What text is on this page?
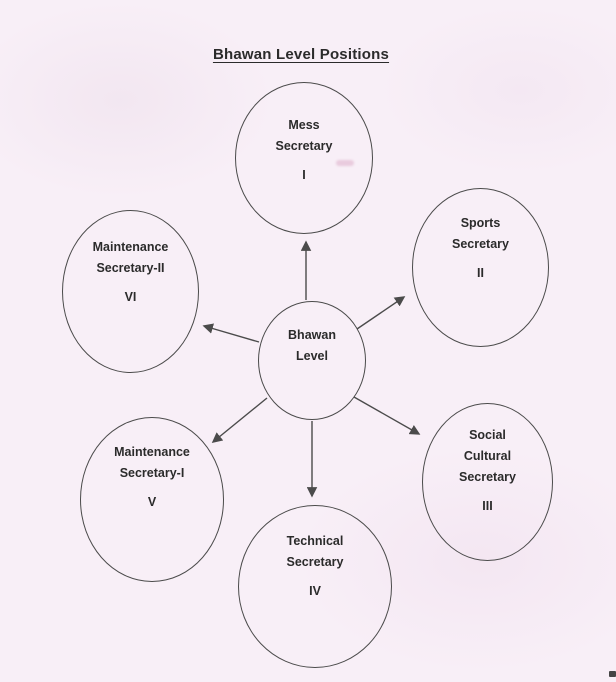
Bhawan Level Positions
Bhawan
Level
Mess
Secretary
I
Sports
Secretary
II
Maintenance
Secretary-II
VI
Maintenance
Secretary-I
V
Social
Cultural
Secretary
III
Technical
Secretary
IV
